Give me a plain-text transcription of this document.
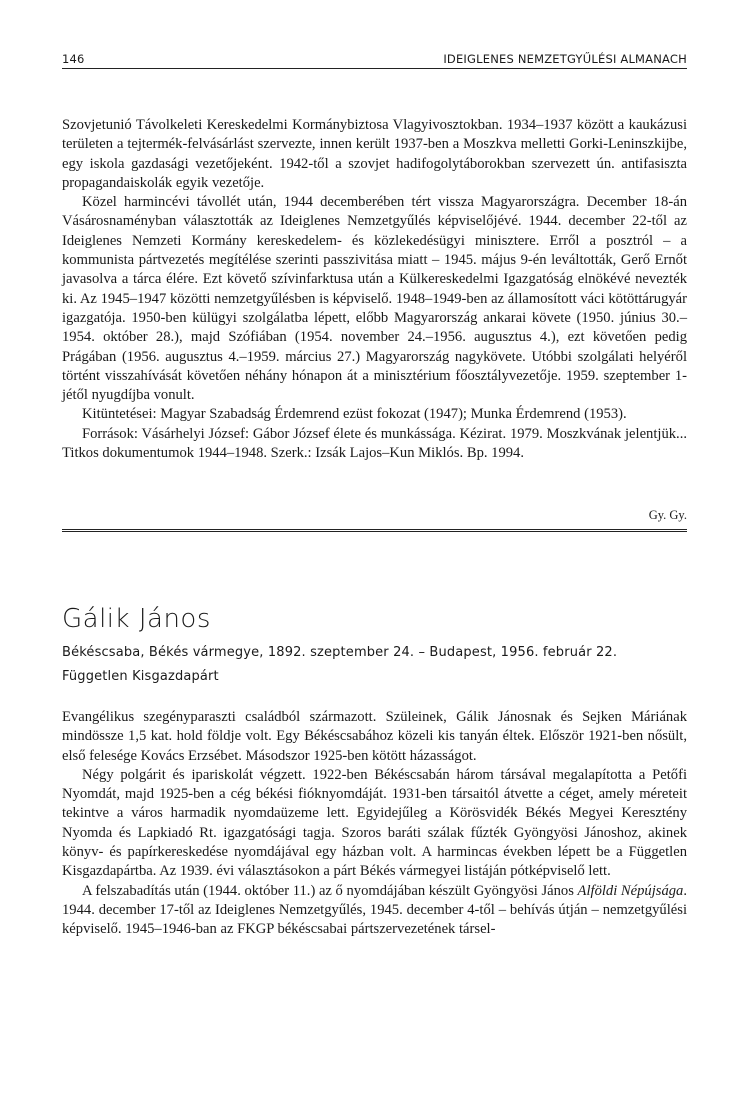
146	IDEIGLENES NEMZETGYŰLÉSI ALMANACH

Szovjetunió Távolkeleti Kereskedelmi Kormánybiztosa Vlagyivosztokban. 1934–1937 között a kaukázusi területen a tejtermék-felvásárlást szervezte, innen került 1937-ben a Moszkva melletti Gorki-Leninszkijbe, egy iskola gazdasági vezetőjeként. 1942-től a szovjet hadifogolytáborokban szervezett ún. antifasiszta propagandaiskolák egyik vezetője.

Közel harmincévi távollét után, 1944 decemberében tért vissza Magyarországra. December 18-án Vásárosnaményban választották az Ideiglenes Nemzetgyűlés képviselőjévé. 1944. december 22-től az Ideiglenes Nemzeti Kormány kereskedelem- és közlekedésügyi minisztere. Erről a posztról – a kommunista pártvezetés megítélése szerinti passzivitása miatt – 1945. május 9-én leváltották, Gerő Ernőt javasolva a tárca élére. Ezt követő szívinfarktusa után a Külkereskedelmi Igazgatóság elnökévé nevezték ki. Az 1945–1947 közötti nemzetgyűlésben is képviselő. 1948–1949-ben az államosított váci kötöttárugyár igazgatója. 1950-ben külügyi szolgálatba lépett, előbb Magyarország ankarai követe (1950. június 30.–1954. október 28.), majd Szófiában (1954. november 24.–1956. augusztus 4.), ezt követően pedig Prágában (1956. augusztus 4.–1959. március 27.) Magyarország nagykövete. Utóbbi szolgálati helyéről történt visszahívását követően néhány hónapon át a minisztérium főosztályvezetője. 1959. szeptember 1-jétől nyugdíjba vonult.

Kitüntetései: Magyar Szabadság Érdemrend ezüst fokozat (1947); Munka Érdemrend (1953).

Források: Vásárhelyi József: Gábor József élete és munkássága. Kézirat. 1979. Moszkvának jelentjük... Titkos dokumentumok 1944–1948. Szerk.: Izsák Lajos–Kun Miklós. Bp. 1994.

Gy. Gy.
Gálik János
Békéscsaba, Békés vármegye, 1892. szeptember 24. – Budapest, 1956. február 22.
Független Kisgazdapárt

Evangélikus szegényparaszti családból származott. Szüleinek, Gálik Jánosnak és Sejken Máriának mindössze 1,5 kat. hold földje volt. Egy Békéscsabához közeli kis tanyán éltek. Először 1921-ben nősült, első felesége Kovács Erzsébet. Másodszor 1925-ben kötött házasságot.

Négy polgárit és ipariskolát végzett. 1922-ben Békéscsabán három társával megalapította a Petőfi Nyomdát, majd 1925-ben a cég békési fióknyomdáját. 1931-ben társaitól átvette a céget, amely méreteit tekintve a város harmadik nyomdaüzeme lett. Egyidejűleg a Körösvidék Békés Megyei Keresztény Nyomda és Lapkiadó Rt. igazgatósági tagja. Szoros baráti szálak fűzték Gyöngyösi Jánoshoz, akinek könyv- és papírkereskedése nyomdájával egy házban volt. A harmincas években lépett be a Független Kisgazdapártba. Az 1939. évi választásokon a párt Békés vármegyei listáján pótképviselő lett.

A felszabadítás után (1944. október 11.) az ő nyomdájában készült Gyöngyösi János Alföldi Népújsága. 1944. december 17-től az Ideiglenes Nemzetgyűlés, 1945. december 4-től – behívás útján – nemzetgyűlési képviselő. 1945–1946-ban az FKGP békéscsabai pártszervezetének társel-
